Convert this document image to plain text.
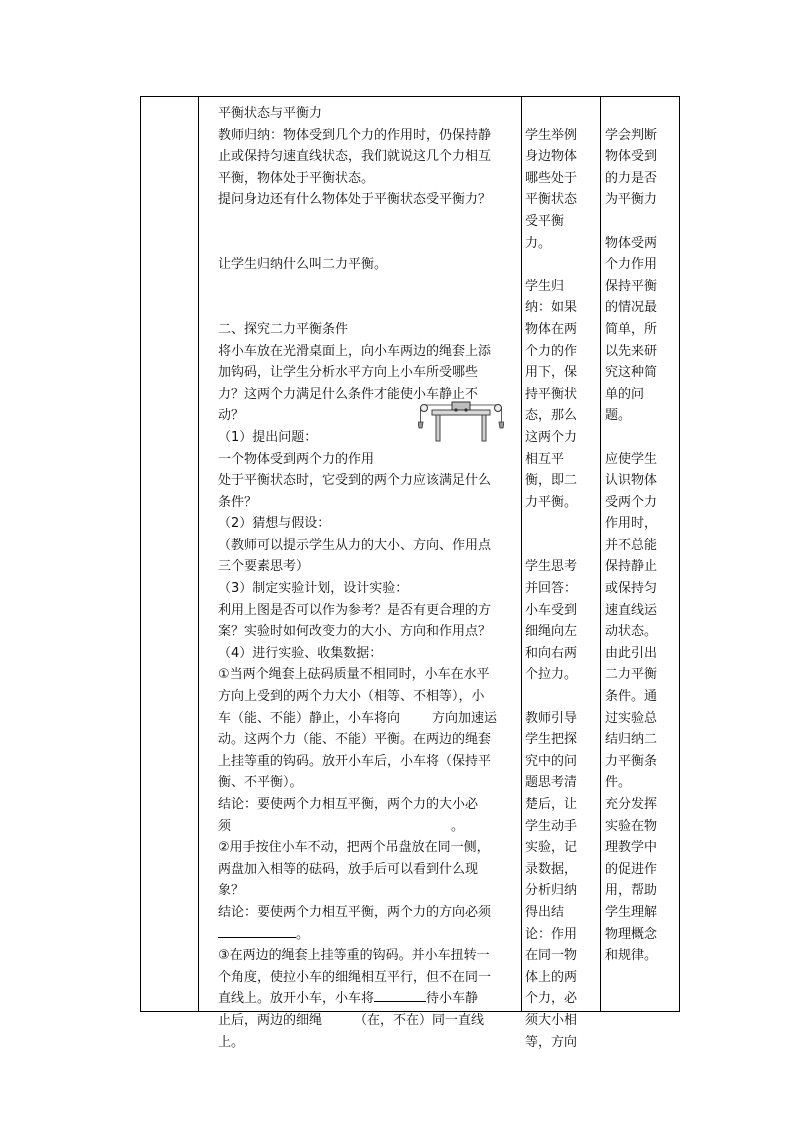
平衡状态与平衡力

教师归纳：物体受到几个力的作用时，仍保持静

止或保持匀速直线状态，我们就说这几个力相互

平衡，物体处于平衡状态。

提问身边还有什么物体处于平衡状态受平衡力？

让学生归纳什么叫二力平衡。

二、探究二力平衡条件

将小车放在光滑桌面上，向小车两边的绳套上添

加钩码，让学生分析水平方向上小车所受哪些

力？这两个力满足什么条件才能使小车静止不

动？

（1）提出问题：

一个物体受到两个力的作用

处于平衡状态时，它受到的两个力应该满足什么

条件？

（2）猜想与假设：

（教师可以提示学生从力的大小、方向、作用点

三个要素思考）

（3）制定实验计划，设计实验：

利用上图是否可以作为参考？是否有更合理的方

案？实验时如何改变力的大小、方向和作用点？

（4）进行实验、收集数据：

①当两个绳套上砝码质量不相同时，小车在水平

方向上受到的两个力大小（相等、不相等），小

车（能、不能）静止，小车将向 方向加速运

动。这两个力（能、不能）平衡。在两边的绳套

上挂等重的钩码。放开小车后，小车将（保持平

衡、不平衡）。

结论：要使两个力相互平衡，两个力的大小必

须	。

②用手按住小车不动，把两个吊盘放在同一侧，

两盘加入相等的砝码，放手后可以看到什么现

象？

结论：要使两个力相互平衡，两个力的方向必须

。

③在两边的绳套上挂等重的钩码。并小车扭转一

个角度，使拉小车的细绳相互平行，但不在同一

直线上。放开小车，小车将	待小车静

止后，两边的细绳 （在，不在）同一直线

上。

学生举例

身边物体

哪些处于

平衡状态

受平衡

力。

学生归

纳：如果

物体在两

个力的作

用下，保

持平衡状

态，那么

这两个力

相互平

衡，即二

力平衡。

学生思考

并回答：

小车受到

细绳向左

和向右两

个拉力。

教师引导

学生把探

究中的问

题思考清

楚后，让

学生动手

实验，记

录数据，

分析归纳

得出结

论：作用

在同一物

体上的两

个力，必

须大小相

等，方向

学会判断

物体受到

的力是否

为平衡力

物体受两

个力作用

保持平衡

的情况最

简单，所

以先来研

究这种简

单的问

题。

应使学生

认识物体

受两个力

作用时，

并不总能

保持静止

或保持匀

速直线运

动状态。

由此引出

二力平衡

条件。通

过实验总

结归纳二

力平衡条

件。

充分发挥

实验在物

理教学中

的促进作

用，帮助

学生理解

物理概念

和规律。
